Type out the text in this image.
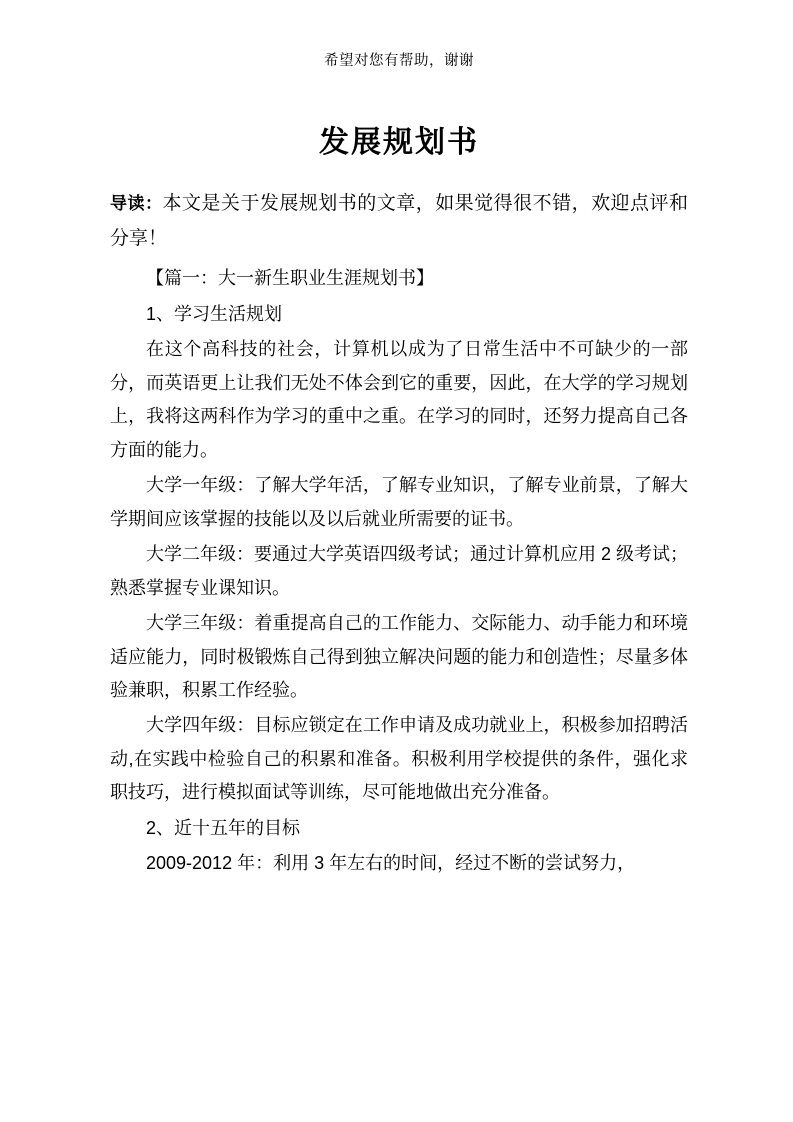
希望对您有帮助，谢谢
发展规划书

导读：本文是关于发展规划书的文章，如果觉得很不错，欢迎点评和分享！

【篇一：大一新生职业生涯规划书】

1、学习生活规划

在这个高科技的社会，计算机以成为了日常生活中不可缺少的一部分，而英语更上让我们无处不体会到它的重要，因此，在大学的学习规划上，我将这两科作为学习的重中之重。在学习的同时，还努力提高自己各方面的能力。

大学一年级：了解大学年活，了解专业知识，了解专业前景，了解大学期间应该掌握的技能以及以后就业所需要的证书。

大学二年级：要通过大学英语四级考试；通过计算机应用 2 级考试；熟悉掌握专业课知识。

大学三年级：着重提高自己的工作能力、交际能力、动手能力和环境适应能力，同时极锻炼自己得到独立解决问题的能力和创造性；尽量多体验兼职，积累工作经验。

大学四年级：目标应锁定在工作申请及成功就业上，积极参加招聘活动,在实践中检验自己的积累和准备。积极利用学校提供的条件，强化求职技巧，进行模拟面试等训练，尽可能地做出充分准备。

2、近十五年的目标

2009-2012 年：利用 3 年左右的时间，经过不断的尝试努力，
